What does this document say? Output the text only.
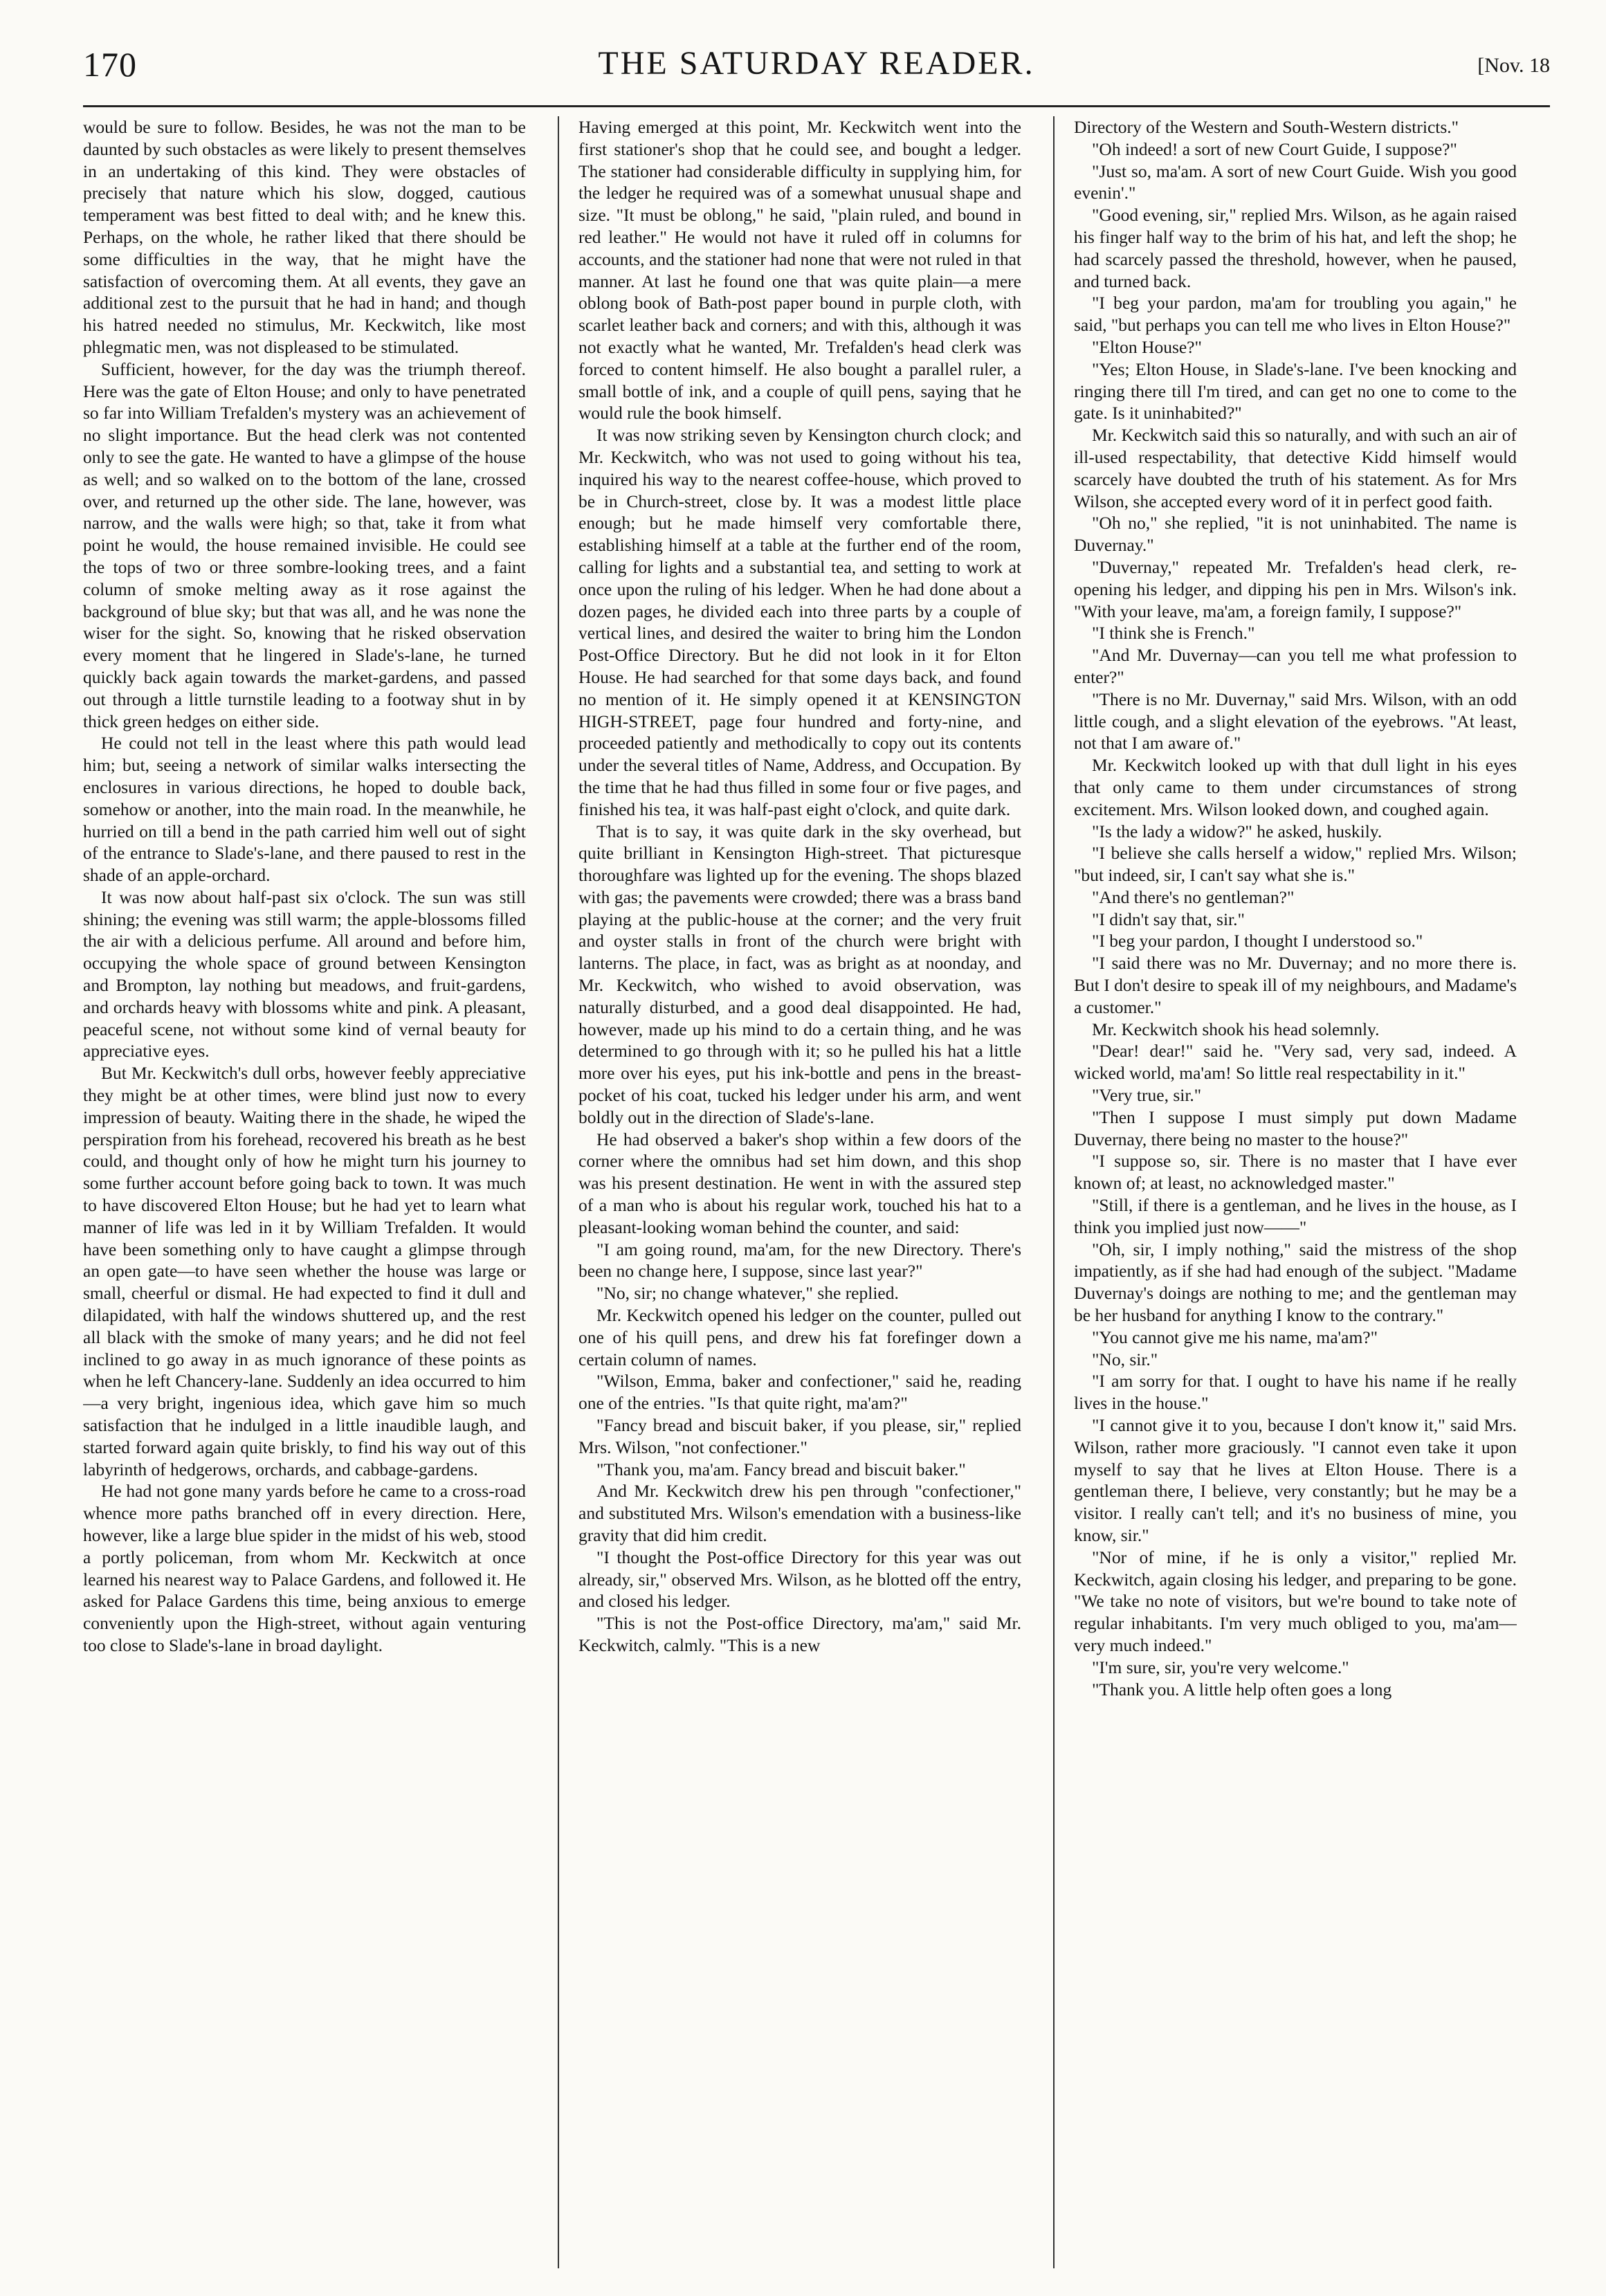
170	THE SATURDAY READER.	[Nov. 18

would be sure to follow. Besides, he was not the man to be daunted by such obstacles as were likely to present themselves in an undertaking of this kind. They were obstacles of precisely that nature which his slow, dogged, cautious temperament was best fitted to deal with; and he knew this. Perhaps, on the whole, he rather liked that there should be some difficulties in the way, that he might have the satisfaction of overcoming them. At all events, they gave an additional zest to the pursuit that he had in hand; and though his hatred needed no stimulus, Mr. Keckwitch, like most phlegmatic men, was not displeased to be stimulated.

Sufficient, however, for the day was the triumph thereof. Here was the gate of Elton House; and only to have penetrated so far into William Trefalden's mystery was an achievement of no slight importance. But the head clerk was not contented only to see the gate. He wanted to have a glimpse of the house as well; and so walked on to the bottom of the lane, crossed over, and returned up the other side. The lane, however, was narrow, and the walls were high; so that, take it from what point he would, the house remained invisible. He could see the tops of two or three sombre-looking trees, and a faint column of smoke melting away as it rose against the background of blue sky; but that was all, and he was none the wiser for the sight. So, knowing that he risked observation every moment that he lingered in Slade's-lane, he turned quickly back again towards the market-gardens, and passed out through a little turnstile leading to a footway shut in by thick green hedges on either side.

He could not tell in the least where this path would lead him; but, seeing a network of similar walks intersecting the enclosures in various directions, he hoped to double back, somehow or another, into the main road. In the meanwhile, he hurried on till a bend in the path carried him well out of sight of the entrance to Slade's-lane, and there paused to rest in the shade of an apple-orchard.

It was now about half-past six o'clock. The sun was still shining; the evening was still warm; the apple-blossoms filled the air with a delicious perfume. All around and before him, occupying the whole space of ground between Kensington and Brompton, lay nothing but meadows, and fruit-gardens, and orchards heavy with blossoms white and pink. A pleasant, peaceful scene, not without some kind of vernal beauty for appreciative eyes.

But Mr. Keckwitch's dull orbs, however feebly appreciative they might be at other times, were blind just now to every impression of beauty. Waiting there in the shade, he wiped the perspiration from his forehead, recovered his breath as he best could, and thought only of how he might turn his journey to some further account before going back to town. It was much to have discovered Elton House; but he had yet to learn what manner of life was led in it by William Trefalden. It would have been something only to have caught a glimpse through an open gate—to have seen whether the house was large or small, cheerful or dismal. He had expected to find it dull and dilapidated, with half the windows shuttered up, and the rest all black with the smoke of many years; and he did not feel inclined to go away in as much ignorance of these points as when he left Chancery-lane. Suddenly an idea occurred to him—a very bright, ingenious idea, which gave him so much satisfaction that he indulged in a little inaudible laugh, and started forward again quite briskly, to find his way out of this labyrinth of hedgerows, orchards, and cabbage-gardens.

He had not gone many yards before he came to a cross-road whence more paths branched off in every direction. Here, however, like a large blue spider in the midst of his web, stood a portly policeman, from whom Mr. Keckwitch at once learned his nearest way to Palace Gardens, and followed it. He asked for Palace Gardens this time, being anxious to emerge conveniently upon the High-street, without again venturing too close to Slade's-lane in broad daylight.

Having emerged at this point, Mr. Keckwitch went into the first stationer's shop that he could see, and bought a ledger. The stationer had considerable difficulty in supplying him, for the ledger he required was of a somewhat unusual shape and size. "It must be oblong," he said, "plain ruled, and bound in red leather." He would not have it ruled off in columns for accounts, and the stationer had none that were not ruled in that manner. At last he found one that was quite plain—a mere oblong book of Bath-post paper bound in purple cloth, with scarlet leather back and corners; and with this, although it was not exactly what he wanted, Mr. Trefalden's head clerk was forced to content himself. He also bought a parallel ruler, a small bottle of ink, and a couple of quill pens, saying that he would rule the book himself.

It was now striking seven by Kensington church clock; and Mr. Keckwitch, who was not used to going without his tea, inquired his way to the nearest coffee-house, which proved to be in Church-street, close by. It was a modest little place enough; but he made himself very comfortable there, establishing himself at a table at the further end of the room, calling for lights and a substantial tea, and setting to work at once upon the ruling of his ledger. When he had done about a dozen pages, he divided each into three parts by a couple of vertical lines, and desired the waiter to bring him the London Post-Office Directory. But he did not look in it for Elton House. He had searched for that some days back, and found no mention of it. He simply opened it at KENSINGTON HIGH-STREET, page four hundred and forty-nine, and proceeded patiently and methodically to copy out its contents under the several titles of Name, Address, and Occupation. By the time that he had thus filled in some four or five pages, and finished his tea, it was half-past eight o'clock, and quite dark.

That is to say, it was quite dark in the sky overhead, but quite brilliant in Kensington High-street. That picturesque thoroughfare was lighted up for the evening. The shops blazed with gas; the pavements were crowded; there was a brass band playing at the public-house at the corner; and the very fruit and oyster stalls in front of the church were bright with lanterns. The place, in fact, was as bright as at noonday, and Mr. Keckwitch, who wished to avoid observation, was naturally disturbed, and a good deal disappointed. He had, however, made up his mind to do a certain thing, and he was determined to go through with it; so he pulled his hat a little more over his eyes, put his ink-bottle and pens in the breast-pocket of his coat, tucked his ledger under his arm, and went boldly out in the direction of Slade's-lane.

He had observed a baker's shop within a few doors of the corner where the omnibus had set him down, and this shop was his present destination. He went in with the assured step of a man who is about his regular work, touched his hat to a pleasant-looking woman behind the counter, and said:

"I am going round, ma'am, for the new Directory. There's been no change here, I suppose, since last year?"

"No, sir; no change whatever," she replied.

Mr. Keckwitch opened his ledger on the counter, pulled out one of his quill pens, and drew his fat forefinger down a certain column of names.

"Wilson, Emma, baker and confectioner," said he, reading one of the entries. "Is that quite right, ma'am?"

"Fancy bread and biscuit baker, if you please, sir," replied Mrs. Wilson, "not confectioner."

"Thank you, ma'am. Fancy bread and biscuit baker."

And Mr. Keckwitch drew his pen through "confectioner," and substituted Mrs. Wilson's emendation with a business-like gravity that did him credit.

"I thought the Post-office Directory for this year was out already, sir," observed Mrs. Wilson, as he blotted off the entry, and closed his ledger.

"This is not the Post-office Directory, ma'am," said Mr. Keckwitch, calmly. "This is a new

Directory of the Western and South-Western districts."

"Oh indeed! a sort of new Court Guide, I suppose?"

"Just so, ma'am. A sort of new Court Guide. Wish you good evenin'."

"Good evening, sir," replied Mrs. Wilson, as he again raised his finger half way to the brim of his hat, and left the shop; he had scarcely passed the threshold, however, when he paused, and turned back.

"I beg your pardon, ma'am for troubling you again," he said, "but perhaps you can tell me who lives in Elton House?"

"Elton House?"

"Yes; Elton House, in Slade's-lane. I've been knocking and ringing there till I'm tired, and can get no one to come to the gate. Is it uninhabited?"

Mr. Keckwitch said this so naturally, and with such an air of ill-used respectability, that detective Kidd himself would scarcely have doubted the truth of his statement. As for Mrs Wilson, she accepted every word of it in perfect good faith.

"Oh no," she replied, "it is not uninhabited. The name is Duvernay."

"Duvernay," repeated Mr. Trefalden's head clerk, re-opening his ledger, and dipping his pen in Mrs. Wilson's ink. "With your leave, ma'am, a foreign family, I suppose?"

"I think she is French."

"And Mr. Duvernay—can you tell me what profession to enter?"

"There is no Mr. Duvernay," said Mrs. Wilson, with an odd little cough, and a slight elevation of the eyebrows. "At least, not that I am aware of."

Mr. Keckwitch looked up with that dull light in his eyes that only came to them under circumstances of strong excitement. Mrs. Wilson looked down, and coughed again.

"Is the lady a widow?" he asked, huskily.

"I believe she calls herself a widow," replied Mrs. Wilson; "but indeed, sir, I can't say what she is."

"And there's no gentleman?"

"I didn't say that, sir."

"I beg your pardon, I thought I understood so."

"I said there was no Mr. Duvernay; and no more there is. But I don't desire to speak ill of my neighbours, and Madame's a customer."

Mr. Keckwitch shook his head solemnly.

"Dear! dear!" said he. "Very sad, very sad, indeed. A wicked world, ma'am! So little real respectability in it."

"Very true, sir."

"Then I suppose I must simply put down Madame Duvernay, there being no master to the house?"

"I suppose so, sir. There is no master that I have ever known of; at least, no acknowledged master."

"Still, if there is a gentleman, and he lives in the house, as I think you implied just now——"

"Oh, sir, I imply nothing," said the mistress of the shop impatiently, as if she had had enough of the subject. "Madame Duvernay's doings are nothing to me; and the gentleman may be her husband for anything I know to the contrary."

"You cannot give me his name, ma'am?"

"No, sir."

"I am sorry for that. I ought to have his name if he really lives in the house."

"I cannot give it to you, because I don't know it," said Mrs. Wilson, rather more graciously. "I cannot even take it upon myself to say that he lives at Elton House. There is a gentleman there, I believe, very constantly; but he may be a visitor. I really can't tell; and it's no business of mine, you know, sir."

"Nor of mine, if he is only a visitor," replied Mr. Keckwitch, again closing his ledger, and preparing to be gone. "We take no note of visitors, but we're bound to take note of regular inhabitants. I'm very much obliged to you, ma'am—very much indeed."

"I'm sure, sir, you're very welcome."

"Thank you. A little help often goes a long
